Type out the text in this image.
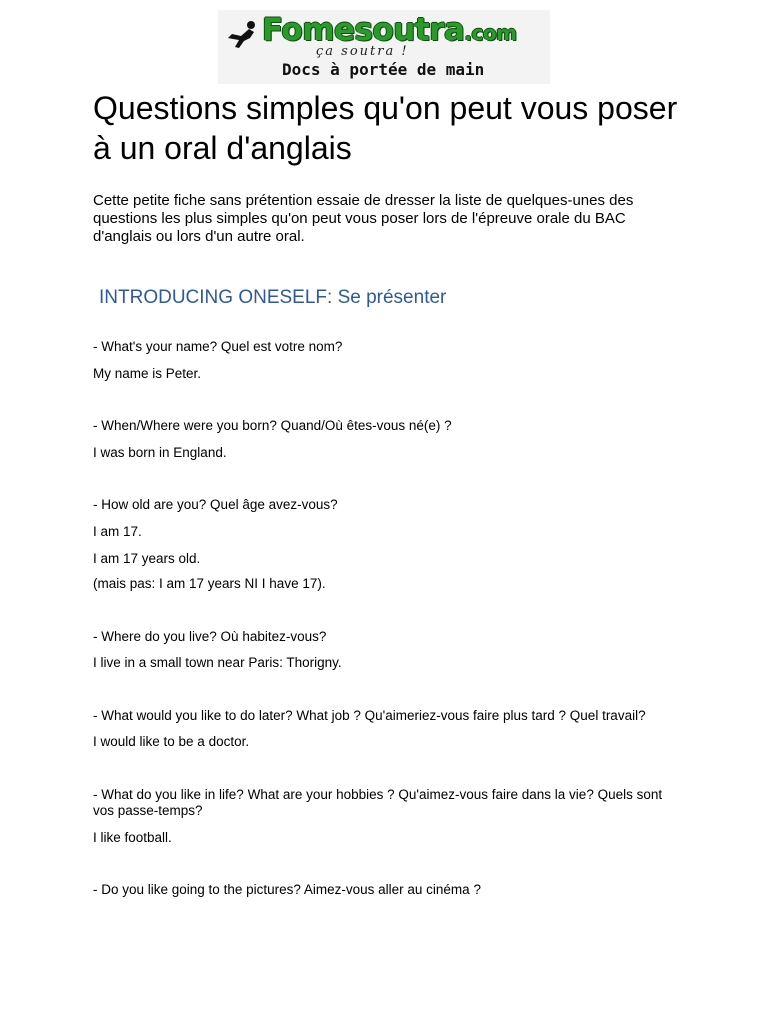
Fomesoutra.com
ça soutra !
Docs à portée de main
Questions simples qu'on peut vous poser à un oral d'anglais

Cette petite fiche sans prétention essaie de dresser la liste de quelques-unes des questions les plus simples qu'on peut vous poser lors de l'épreuve orale du BAC d'anglais ou lors d'un autre oral.

INTRODUCING ONESELF: Se présenter

- What's your name? Quel est votre nom?

My name is Peter.

- When/Where were you born? Quand/Où êtes-vous né(e) ?

I was born in England.

- How old are you? Quel âge avez-vous?

I am 17.

I am 17 years old.

(mais pas: I am 17 years NI I have 17).

- Where do you live? Où habitez-vous?

I live in a small town near Paris: Thorigny.

- What would you like to do later? What job ? Qu'aimeriez-vous faire plus tard ? Quel travail?

I would like to be a doctor.

- What do you like in life? What are your hobbies ? Qu'aimez-vous faire dans la vie? Quels sont vos passe-temps?

I like football.

- Do you like going to the pictures? Aimez-vous aller au cinéma ?
